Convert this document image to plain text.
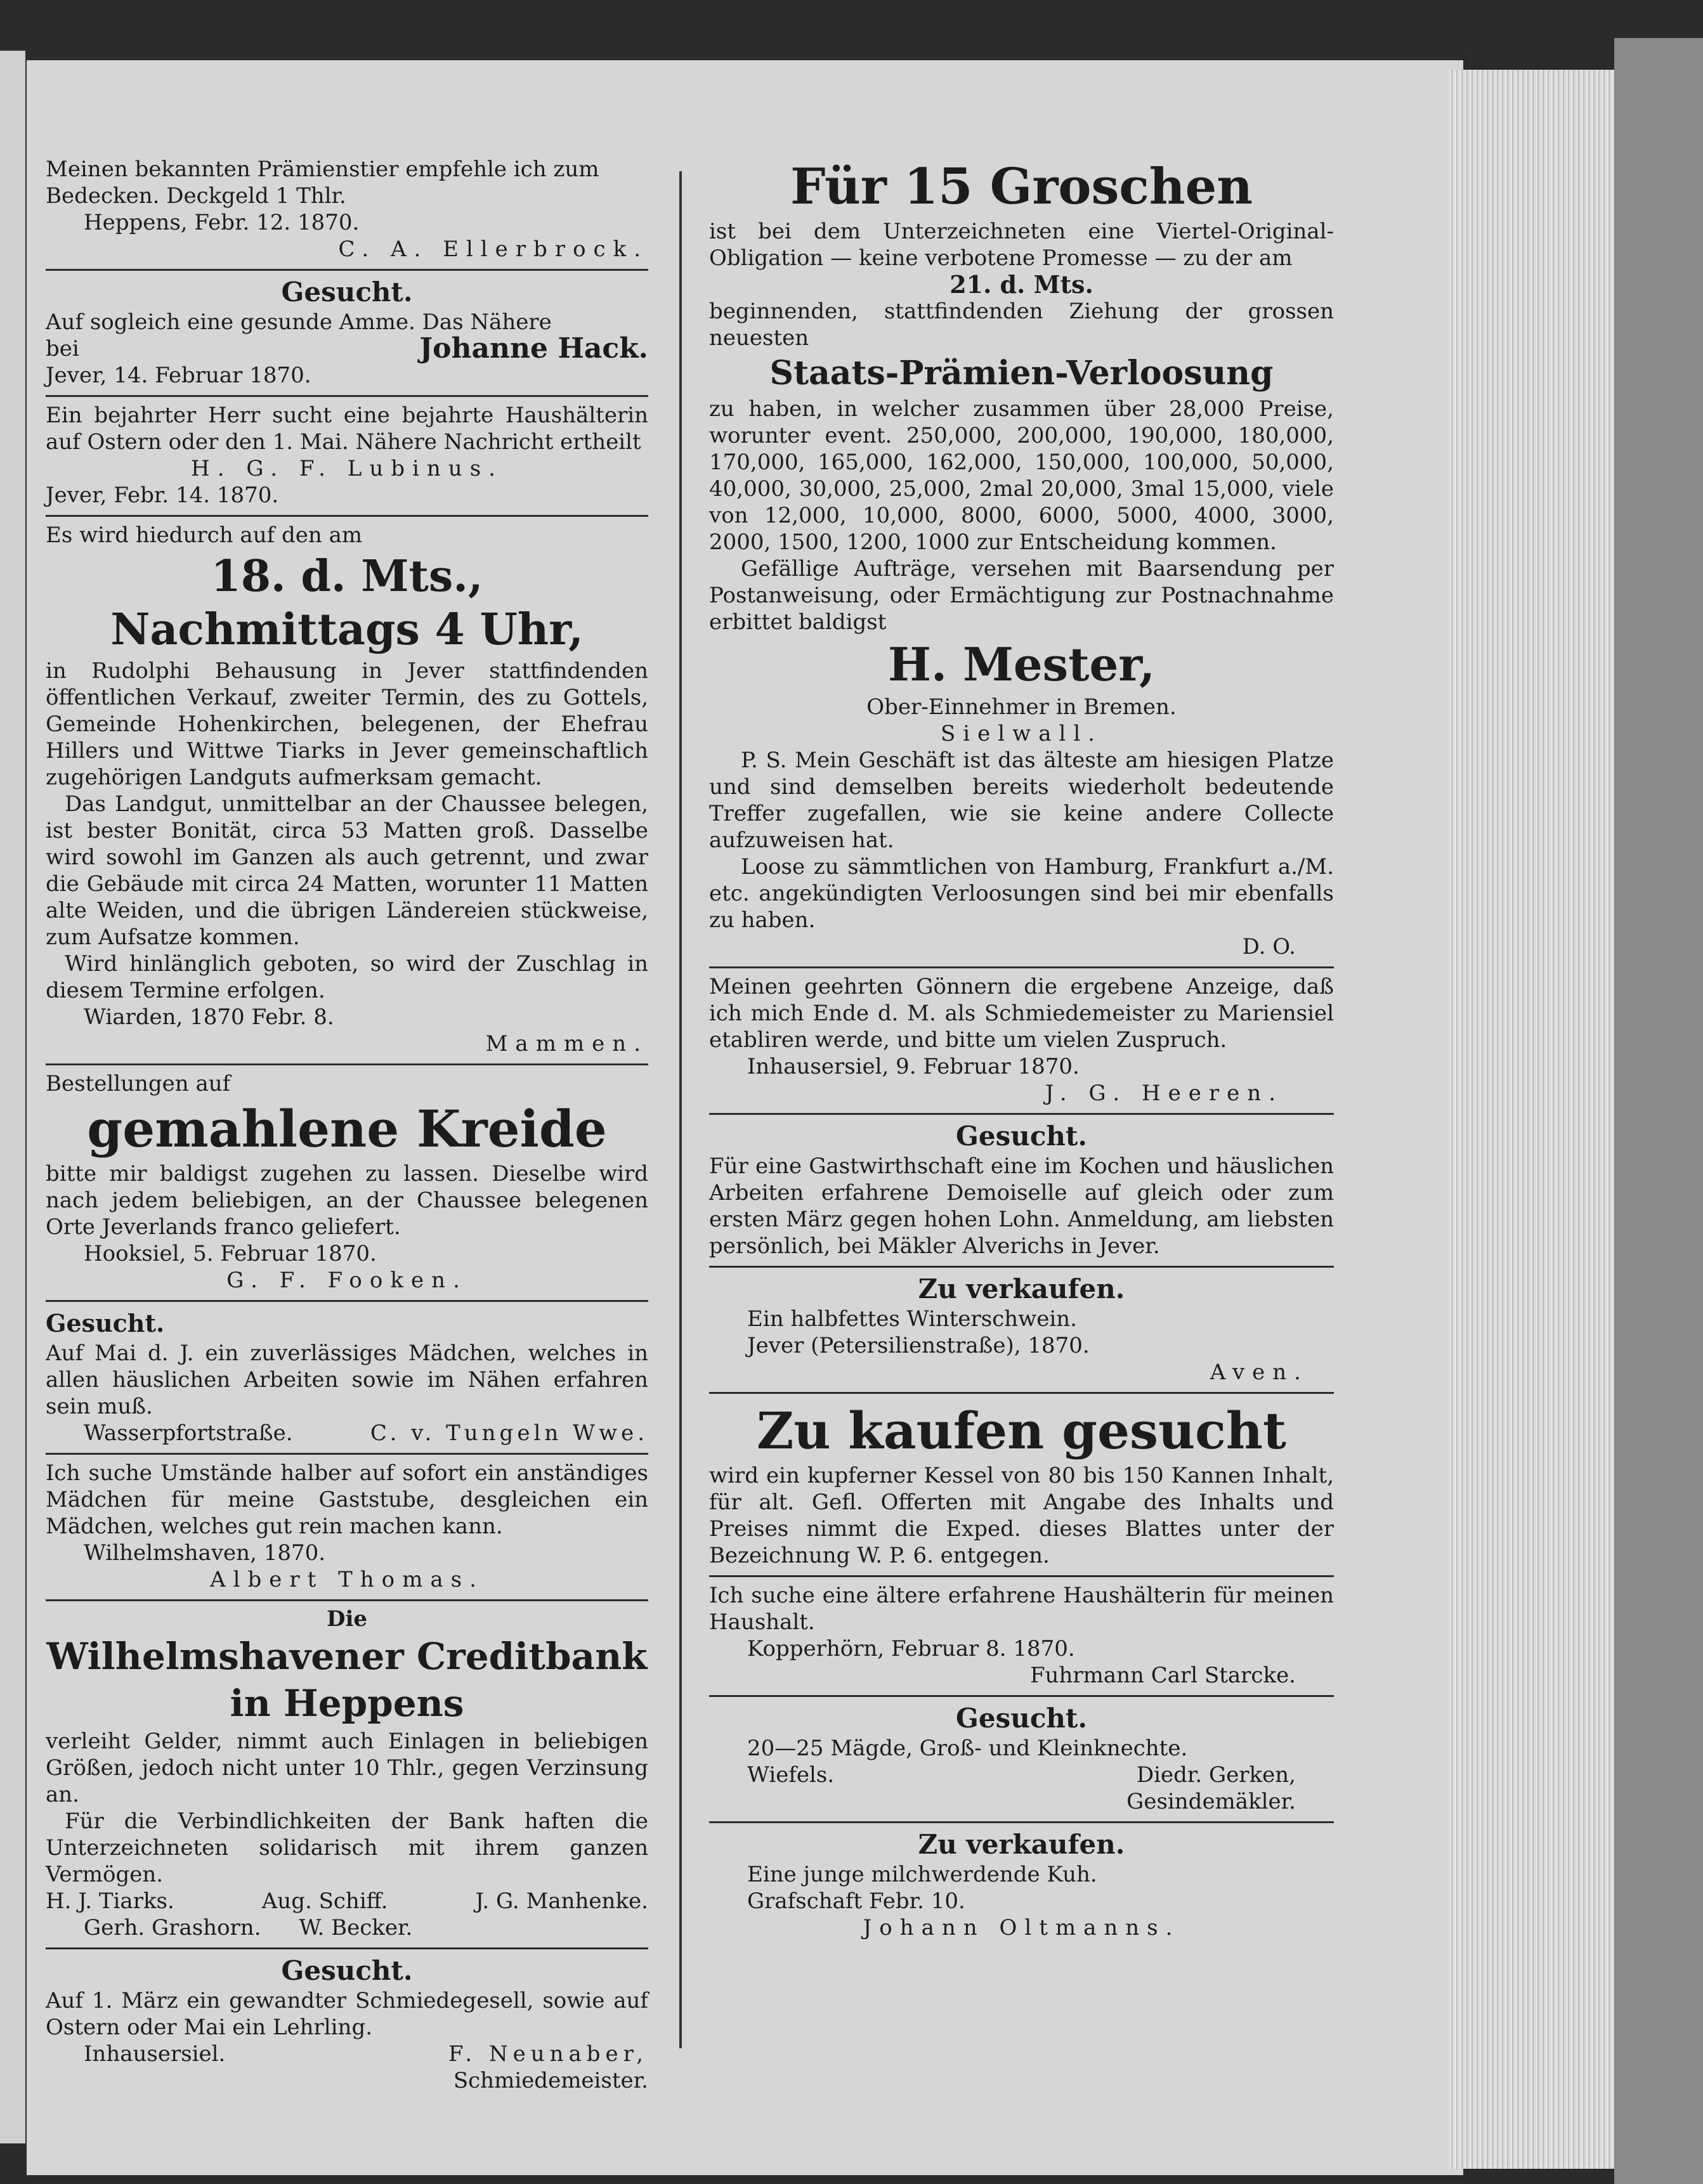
Meinen bekannten Prämienstier empfehle ich zum

Bedecken. Deckgeld 1 Thlr.

Heppens, Febr. 12. 1870.

C. A. Ellerbrock.

Gesucht.

Auf sogleich eine gesunde Amme. Das Nähere

bei	Johanne Hack.

Jever, 14. Februar 1870.

Ein bejahrter Herr sucht eine bejahrte Haushälterin auf Ostern oder den 1. Mai. Nähere Nachricht ertheilt

H. G. F. Lubinus.

Jever, Febr. 14. 1870.

Es wird hiedurch auf den am

18. d. Mts.,

Nachmittags 4 Uhr,

in Rudolphi Behausung in Jever stattfindenden öffentlichen Verkauf, zweiter Termin, des zu Gottels, Gemeinde Hohenkirchen, belegenen, der Ehefrau Hillers und Wittwe Tiarks in Jever gemeinschaftlich zugehörigen Landguts aufmerksam gemacht.

Das Landgut, unmittelbar an der Chaussee belegen, ist bester Bonität, circa 53 Matten groß. Dasselbe wird sowohl im Ganzen als auch getrennt, und zwar die Gebäude mit circa 24 Matten, worunter 11 Matten alte Weiden, und die übrigen Ländereien stückweise, zum Aufsatze kommen.

Wird hinlänglich geboten, so wird der Zuschlag in diesem Termine erfolgen.

Wiarden, 1870 Febr. 8.

Mammen.

Bestellungen auf

gemahlene Kreide

bitte mir baldigst zugehen zu lassen. Dieselbe wird nach jedem beliebigen, an der Chaussee belegenen Orte Jeverlands franco geliefert.

Hooksiel, 5. Februar 1870.

G. F. Fooken.

Gesucht.

Auf Mai d. J. ein zuverlässiges Mädchen, welches in allen häuslichen Arbeiten sowie im Nähen erfahren sein muß.

Wasserpfortstraße.	C. v. Tungeln Wwe.

Ich suche Umstände halber auf sofort ein anständiges Mädchen für meine Gaststube, desgleichen ein Mädchen, welches gut rein machen kann.

Wilhelmshaven, 1870.

Albert Thomas.

Die

Wilhelmshavener Creditbank

in Heppens

verleiht Gelder, nimmt auch Einlagen in beliebigen Größen, jedoch nicht unter 10 Thlr., gegen Verzinsung an.

Für die Verbindlichkeiten der Bank haften die Unterzeichneten solidarisch mit ihrem ganzen Vermögen.

H. J. Tiarks.	Aug. Schiff.	J. G. Manhenke.
Gerh. Grashorn. W. Becker.

Gesucht.

Auf 1. März ein gewandter Schmiedegesell, sowie auf Ostern oder Mai ein Lehrling.

Inhausersiel.	F. Neunaber,

Schmiedemeister.

Für 15 Groschen

ist bei dem Unterzeichneten eine Viertel-Original-Obligation — keine verbotene Promesse — zu der am

21. d. Mts.

beginnenden, stattfindenden Ziehung der grossen neuesten

Staats-Prämien-Verloosung

zu haben, in welcher zusammen über 28,000 Preise, worunter event. 250,000, 200,000, 190,000, 180,000, 170,000, 165,000, 162,000, 150,000, 100,000, 50,000, 40,000, 30,000, 25,000, 2mal 20,000, 3mal 15,000, viele von 12,000, 10,000, 8000, 6000, 5000, 4000, 3000, 2000, 1500, 1200, 1000 zur Entscheidung kommen.

Gefällige Aufträge, versehen mit Baarsendung per Postanweisung, oder Ermächtigung zur Postnachnahme erbittet baldigst

H. Mester,

Ober-Einnehmer in Bremen.

Sielwall.

P. S. Mein Geschäft ist das älteste am hiesigen Platze und sind demselben bereits wiederholt bedeutende Treffer zugefallen, wie sie keine andere Collecte aufzuweisen hat.

Loose zu sämmtlichen von Hamburg, Frankfurt a./M. etc. angekündigten Verloosungen sind bei mir ebenfalls zu haben.

D. O.

Meinen geehrten Gönnern die ergebene Anzeige, daß ich mich Ende d. M. als Schmiedemeister zu Mariensiel etabliren werde, und bitte um vielen Zuspruch.

Inhausersiel, 9. Februar 1870.

J. G. Heeren.

Gesucht.

Für eine Gastwirthschaft eine im Kochen und häuslichen Arbeiten erfahrene Demoiselle auf gleich oder zum ersten März gegen hohen Lohn. Anmeldung, am liebsten persönlich, bei Mäkler Alverichs in Jever.

Zu verkaufen.

Ein halbfettes Winterschwein.

Jever (Petersilienstraße), 1870.

Aven.

Zu kaufen gesucht

wird ein kupferner Kessel von 80 bis 150 Kannen Inhalt, für alt. Gefl. Offerten mit Angabe des Inhalts und Preises nimmt die Exped. dieses Blattes unter der Bezeichnung W. P. 6. entgegen.

Ich suche eine ältere erfahrene Haushälterin für meinen Haushalt.

Kopperhörn, Februar 8. 1870.

Fuhrmann Carl Starcke.

Gesucht.

20—25 Mägde, Groß- und Kleinknechte.

Wiefels.	Diedr. Gerken,

Gesindemäkler.

Zu verkaufen.

Eine junge milchwerdende Kuh.

Grafschaft Febr. 10.

Johann Oltmanns.
